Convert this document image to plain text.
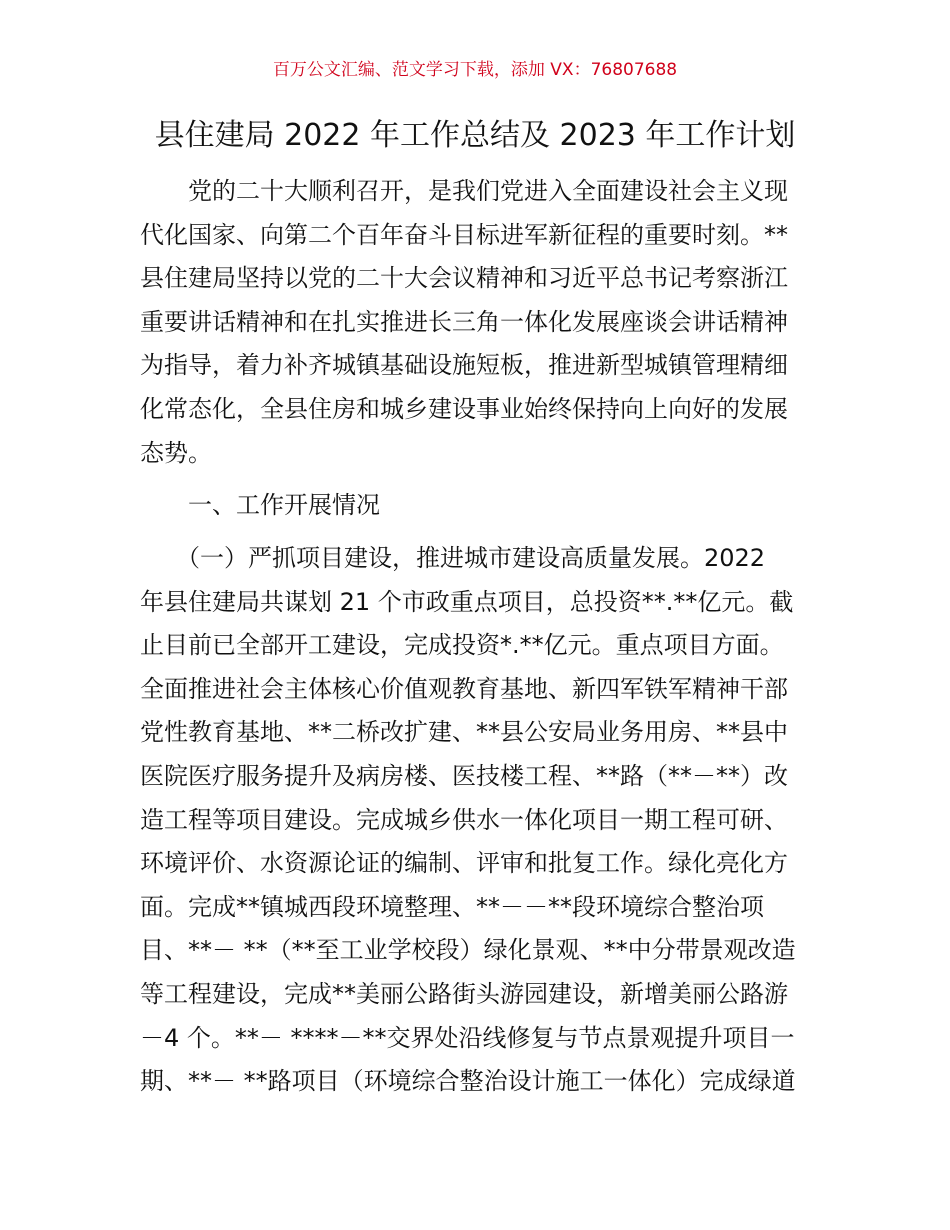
百万公文汇编、范文学习下载，添加 VX：76807688
县住建局 2022 年工作总结及 2023 年工作计划
　　党的二十大顺利召开，是我们党进入全面建设社会主义现
代化国家、向第二个百年奋斗目标进军新征程的重要时刻。**
县住建局坚持以党的二十大会议精神和习近平总书记考察浙江
重要讲话精神和在扎实推进长三角一体化发展座谈会讲话精神
为指导，着力补齐城镇基础设施短板，推进新型城镇管理精细
化常态化，全县住房和城乡建设事业始终保持向上向好的发展
态势。
　　一、工作开展情况
　　（一）严抓项目建设，推进城市建设高质量发展。2022
年县住建局共谋划 21 个市政重点项目，总投资**.**亿元。截
止目前已全部开工建设，完成投资*.**亿元。重点项目方面。
全面推进社会主体核心价值观教育基地、新四军铁军精神干部
党性教育基地、**二桥改扩建、**县公安局业务用房、**县中
医院医疗服务提升及病房楼、医技楼工程、**路（**－**）改
造工程等项目建设。完成城乡供水一体化项目一期工程可研、
环境评价、水资源论证的编制、评审和批复工作。绿化亮化方
面。完成**镇城西段环境整理、**－－**段环境综合整治项
目、**－ **（**至工业学校段）绿化景观、**中分带景观改造
等工程建设，完成**美丽公路街头游园建设，新增美丽公路游
－4 个。**－ ****－**交界处沿线修复与节点景观提升项目一
期、**－ **路项目（环境综合整治设计施工一体化）完成绿道
